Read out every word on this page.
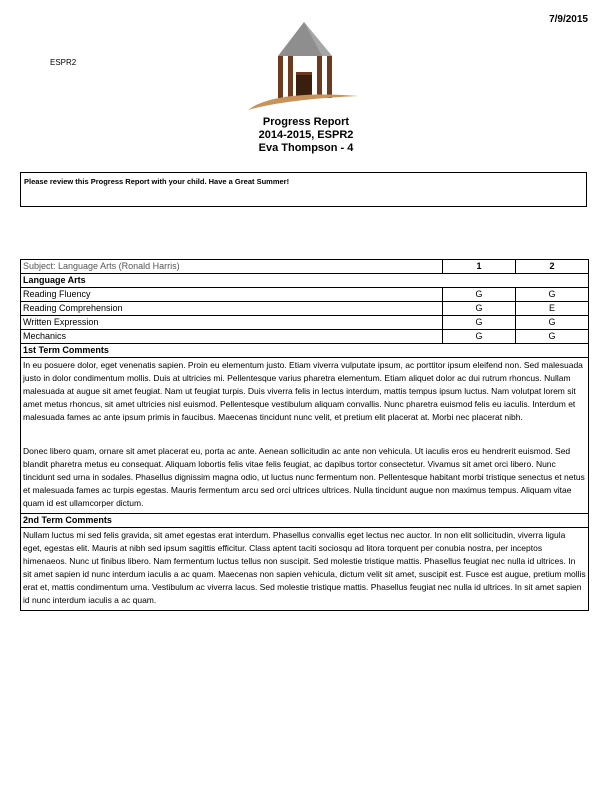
7/9/2015
ESPR2
Progress Report
2014-2015, ESPR2
Eva Thompson - 4
Please review this Progress Report with your child. Have a Great Summer!
Subject: Language Arts (Ronald Harris)	1	2
Language Arts		
Reading Fluency	G	G
Reading Comprehension	G	E
Written Expression	G	G
Mechanics	G	G
1st Term Comments		

In eu posuere dolor, eget venenatis sapien. Proin eu elementum justo. Etiam viverra vulputate ipsum, ac porttitor ipsum eleifend non. Sed malesuada justo in dolor condimentum mollis. Duis at ultricies mi. Pellentesque varius pharetra elementum. Etiam aliquet dolor ac dui rutrum rhoncus. Nullam malesuada at augue sit amet feugiat. Nam ut feugiat turpis. Duis viverra felis in lectus interdum, mattis tempus ipsum luctus. Nam volutpat lorem sit amet metus rhoncus, sit amet ultricies nisl euismod. Pellentesque vestibulum aliquam convallis. Nunc pharetra euismod felis eu iaculis. Interdum et malesuada fames ac ante ipsum primis in faucibus. Maecenas tincidunt nunc velit, et pretium elit placerat at. Morbi nec placerat nibh.

Donec libero quam, ornare sit amet placerat eu, porta ac ante. Aenean sollicitudin ac ante non vehicula. Ut iaculis eros eu hendrerit euismod. Sed blandit pharetra metus eu consequat. Aliquam lobortis felis vitae felis feugiat, ac dapibus tortor consectetur. Vivamus sit amet orci libero. Nunc tincidunt sed urna in sodales. Phasellus dignissim magna odio, ut luctus nunc fermentum non. Pellentesque habitant morbi tristique senectus et netus et malesuada fames ac turpis egestas. Mauris fermentum arcu sed orci ultrices ultrices. Nulla tincidunt augue non maximus tempus. Aliquam vitae quam id est ullamcorper dictum.		

2nd Term Comments		

Nullam luctus mi sed felis gravida, sit amet egestas erat interdum. Phasellus convallis eget lectus nec auctor. In non elit sollicitudin, viverra ligula eget, egestas elit. Mauris at nibh sed ipsum sagittis efficitur. Class aptent taciti sociosqu ad litora torquent per conubia nostra, per inceptos himenaeos. Nunc ut finibus libero. Nam fermentum luctus tellus non suscipit. Sed molestie tristique mattis. Phasellus feugiat nec nulla id ultrices. In sit amet sapien id nunc interdum iaculis a ac quam. Maecenas non sapien vehicula, dictum velit sit amet, suscipit est. Fusce est augue, pretium mollis erat et, mattis condimentum urna. Vestibulum ac viverra lacus. Sed molestie tristique mattis. Phasellus feugiat nec nulla id ultrices. In sit amet sapien id nunc interdum iaculis a ac quam.		
